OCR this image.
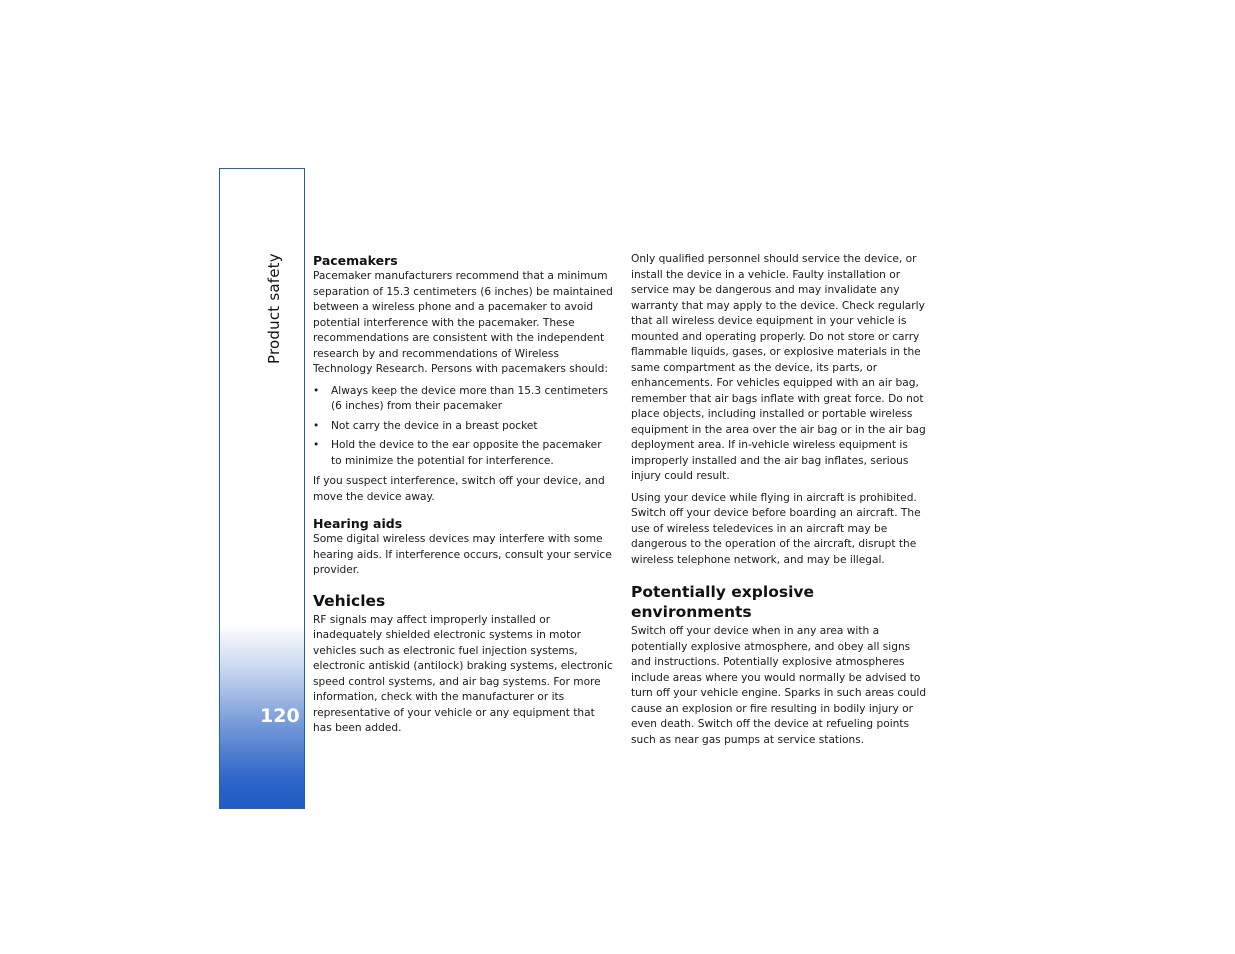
Product safety
120
Pacemakers

Pacemaker manufacturers recommend that a minimum separation of 15.3 centimeters (6 inches) be maintained between a wireless phone and a pacemaker to avoid potential interference with the pacemaker. These recommendations are consistent with the independent research by and recommendations of Wireless Technology Research. Persons with pacemakers should:

• Always keep the device more than 15.3 centimeters (6 inches) from their pacemaker
• Not carry the device in a breast pocket
• Hold the device to the ear opposite the pacemaker to minimize the potential for interference.

If you suspect interference, switch off your device, and move the device away.

Hearing aids

Some digital wireless devices may interfere with some hearing aids. If interference occurs, consult your service provider.

Vehicles

RF signals may affect improperly installed or inadequately shielded electronic systems in motor vehicles such as electronic fuel injection systems, electronic antiskid (antilock) braking systems, electronic speed control systems, and air bag systems. For more information, check with the manufacturer or its representative of your vehicle or any equipment that has been added.

Only qualified personnel should service the device, or install the device in a vehicle. Faulty installation or service may be dangerous and may invalidate any warranty that may apply to the device. Check regularly that all wireless device equipment in your vehicle is mounted and operating properly. Do not store or carry flammable liquids, gases, or explosive materials in the same compartment as the device, its parts, or enhancements. For vehicles equipped with an air bag, remember that air bags inflate with great force. Do not place objects, including installed or portable wireless equipment in the area over the air bag or in the air bag deployment area. If in-vehicle wireless equipment is improperly installed and the air bag inflates, serious injury could result.

Using your device while flying in aircraft is prohibited. Switch off your device before boarding an aircraft. The use of wireless teledevices in an aircraft may be dangerous to the operation of the aircraft, disrupt the wireless telephone network, and may be illegal.

Potentially explosive environments

Switch off your device when in any area with a potentially explosive atmosphere, and obey all signs and instructions. Potentially explosive atmospheres include areas where you would normally be advised to turn off your vehicle engine. Sparks in such areas could cause an explosion or fire resulting in bodily injury or even death. Switch off the device at refueling points such as near gas pumps at service stations.
